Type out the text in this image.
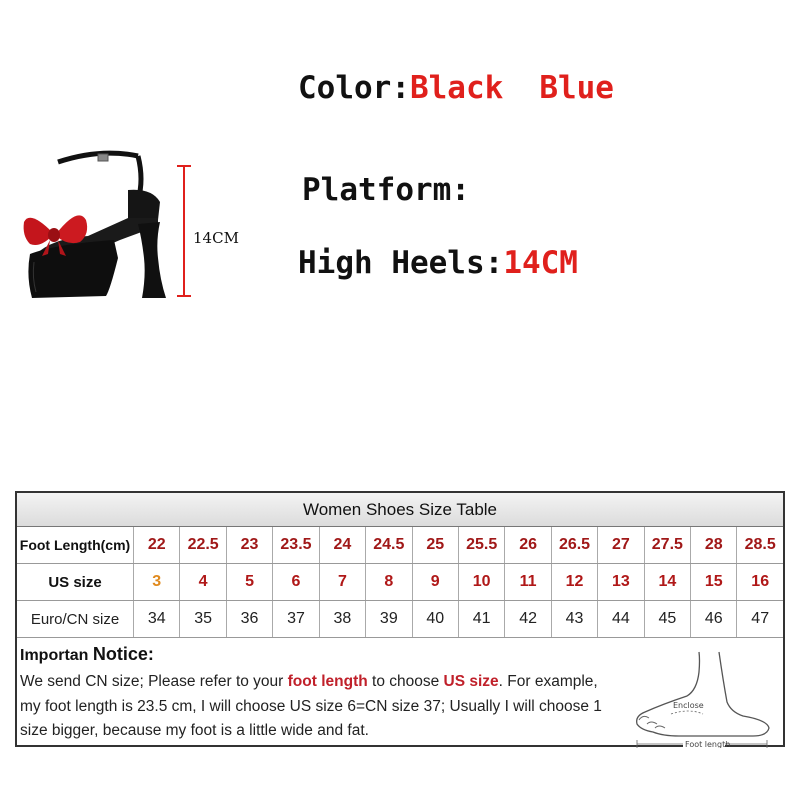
Color:Black Blue
Platform:
High Heels:14CM
14CM
Women Shoes Size Table
Foot Length(cm)	22	22.5	23	23.5	24	24.5	25	25.5	26	26.5	27	27.5	28	28.5
US size	3	4	5	6	7	8	9	10	11	12	13	14	15	16
Euro/CN size	34	35	36	37	38	39	40	41	42	43	44	45	46	47
Importan Notice:
We send CN size; Please refer to your foot length to choose US size. For example, my foot length is 23.5 cm, I will choose US size 6=CN size 37; Usually I will choose 1 size bigger, because my foot is a little wide and fat.
Enclose
Foot length
